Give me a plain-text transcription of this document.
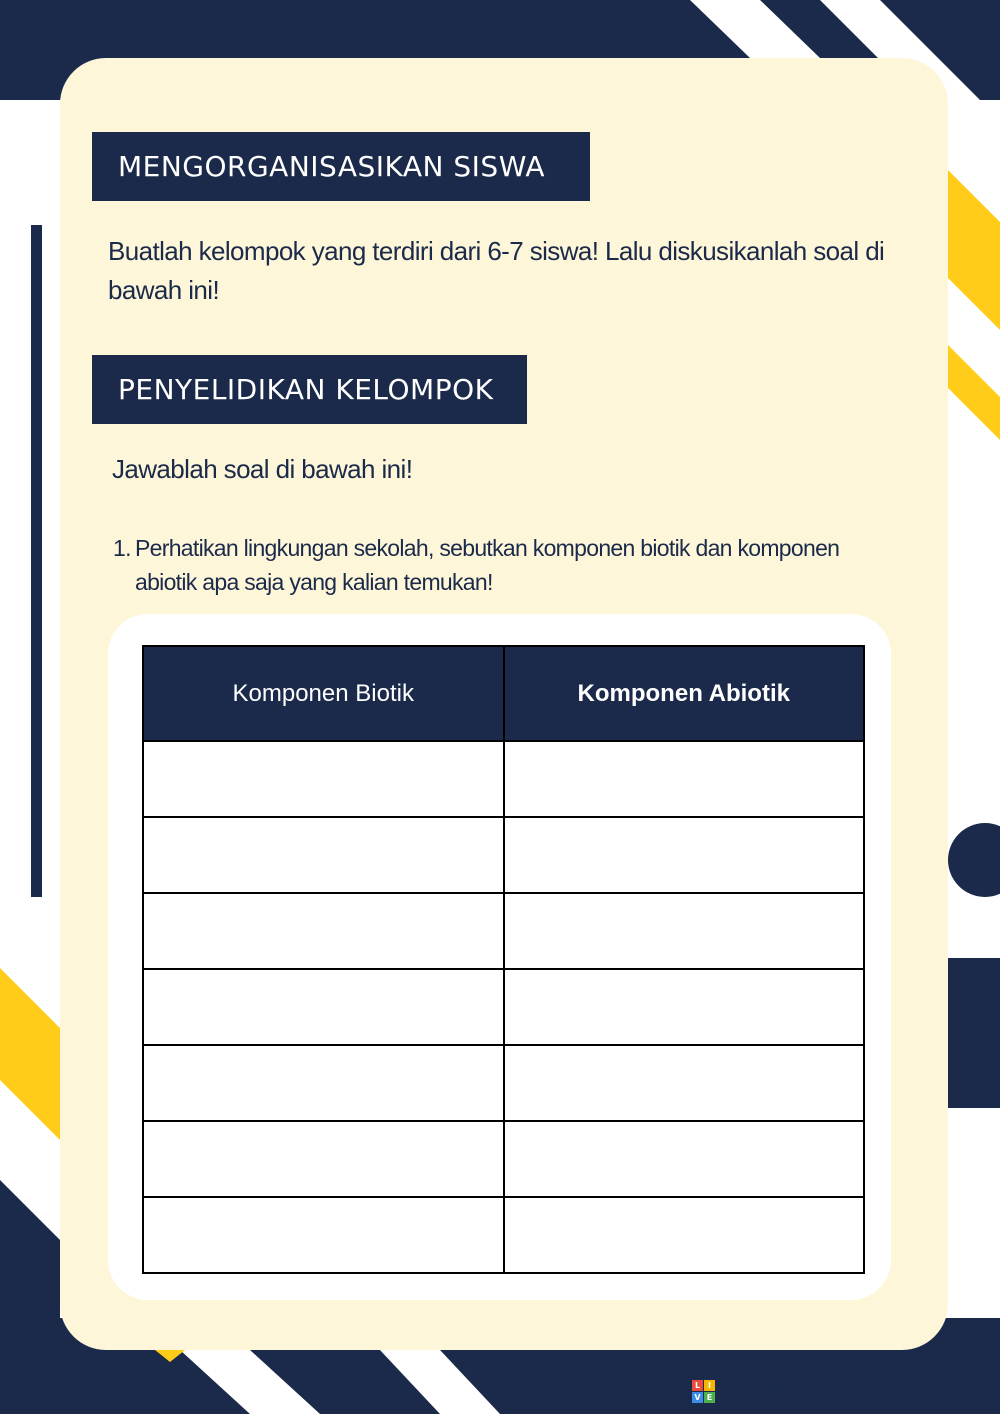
MENGORGANISASIKAN SISWA
Buatlah kelompok yang terdiri dari 6-7 siswa! Lalu diskusikanlah soal di bawah ini!
PENYELIDIKAN KELOMPOK
Jawablah soal di bawah ini!
1. Perhatikan lingkungan sekolah, sebutkan komponen biotik dan komponen abiotik apa saja yang kalian temukan!
Komponen Biotik	Komponen Abiotik

L I
V E LIVEWORKSHEETS
